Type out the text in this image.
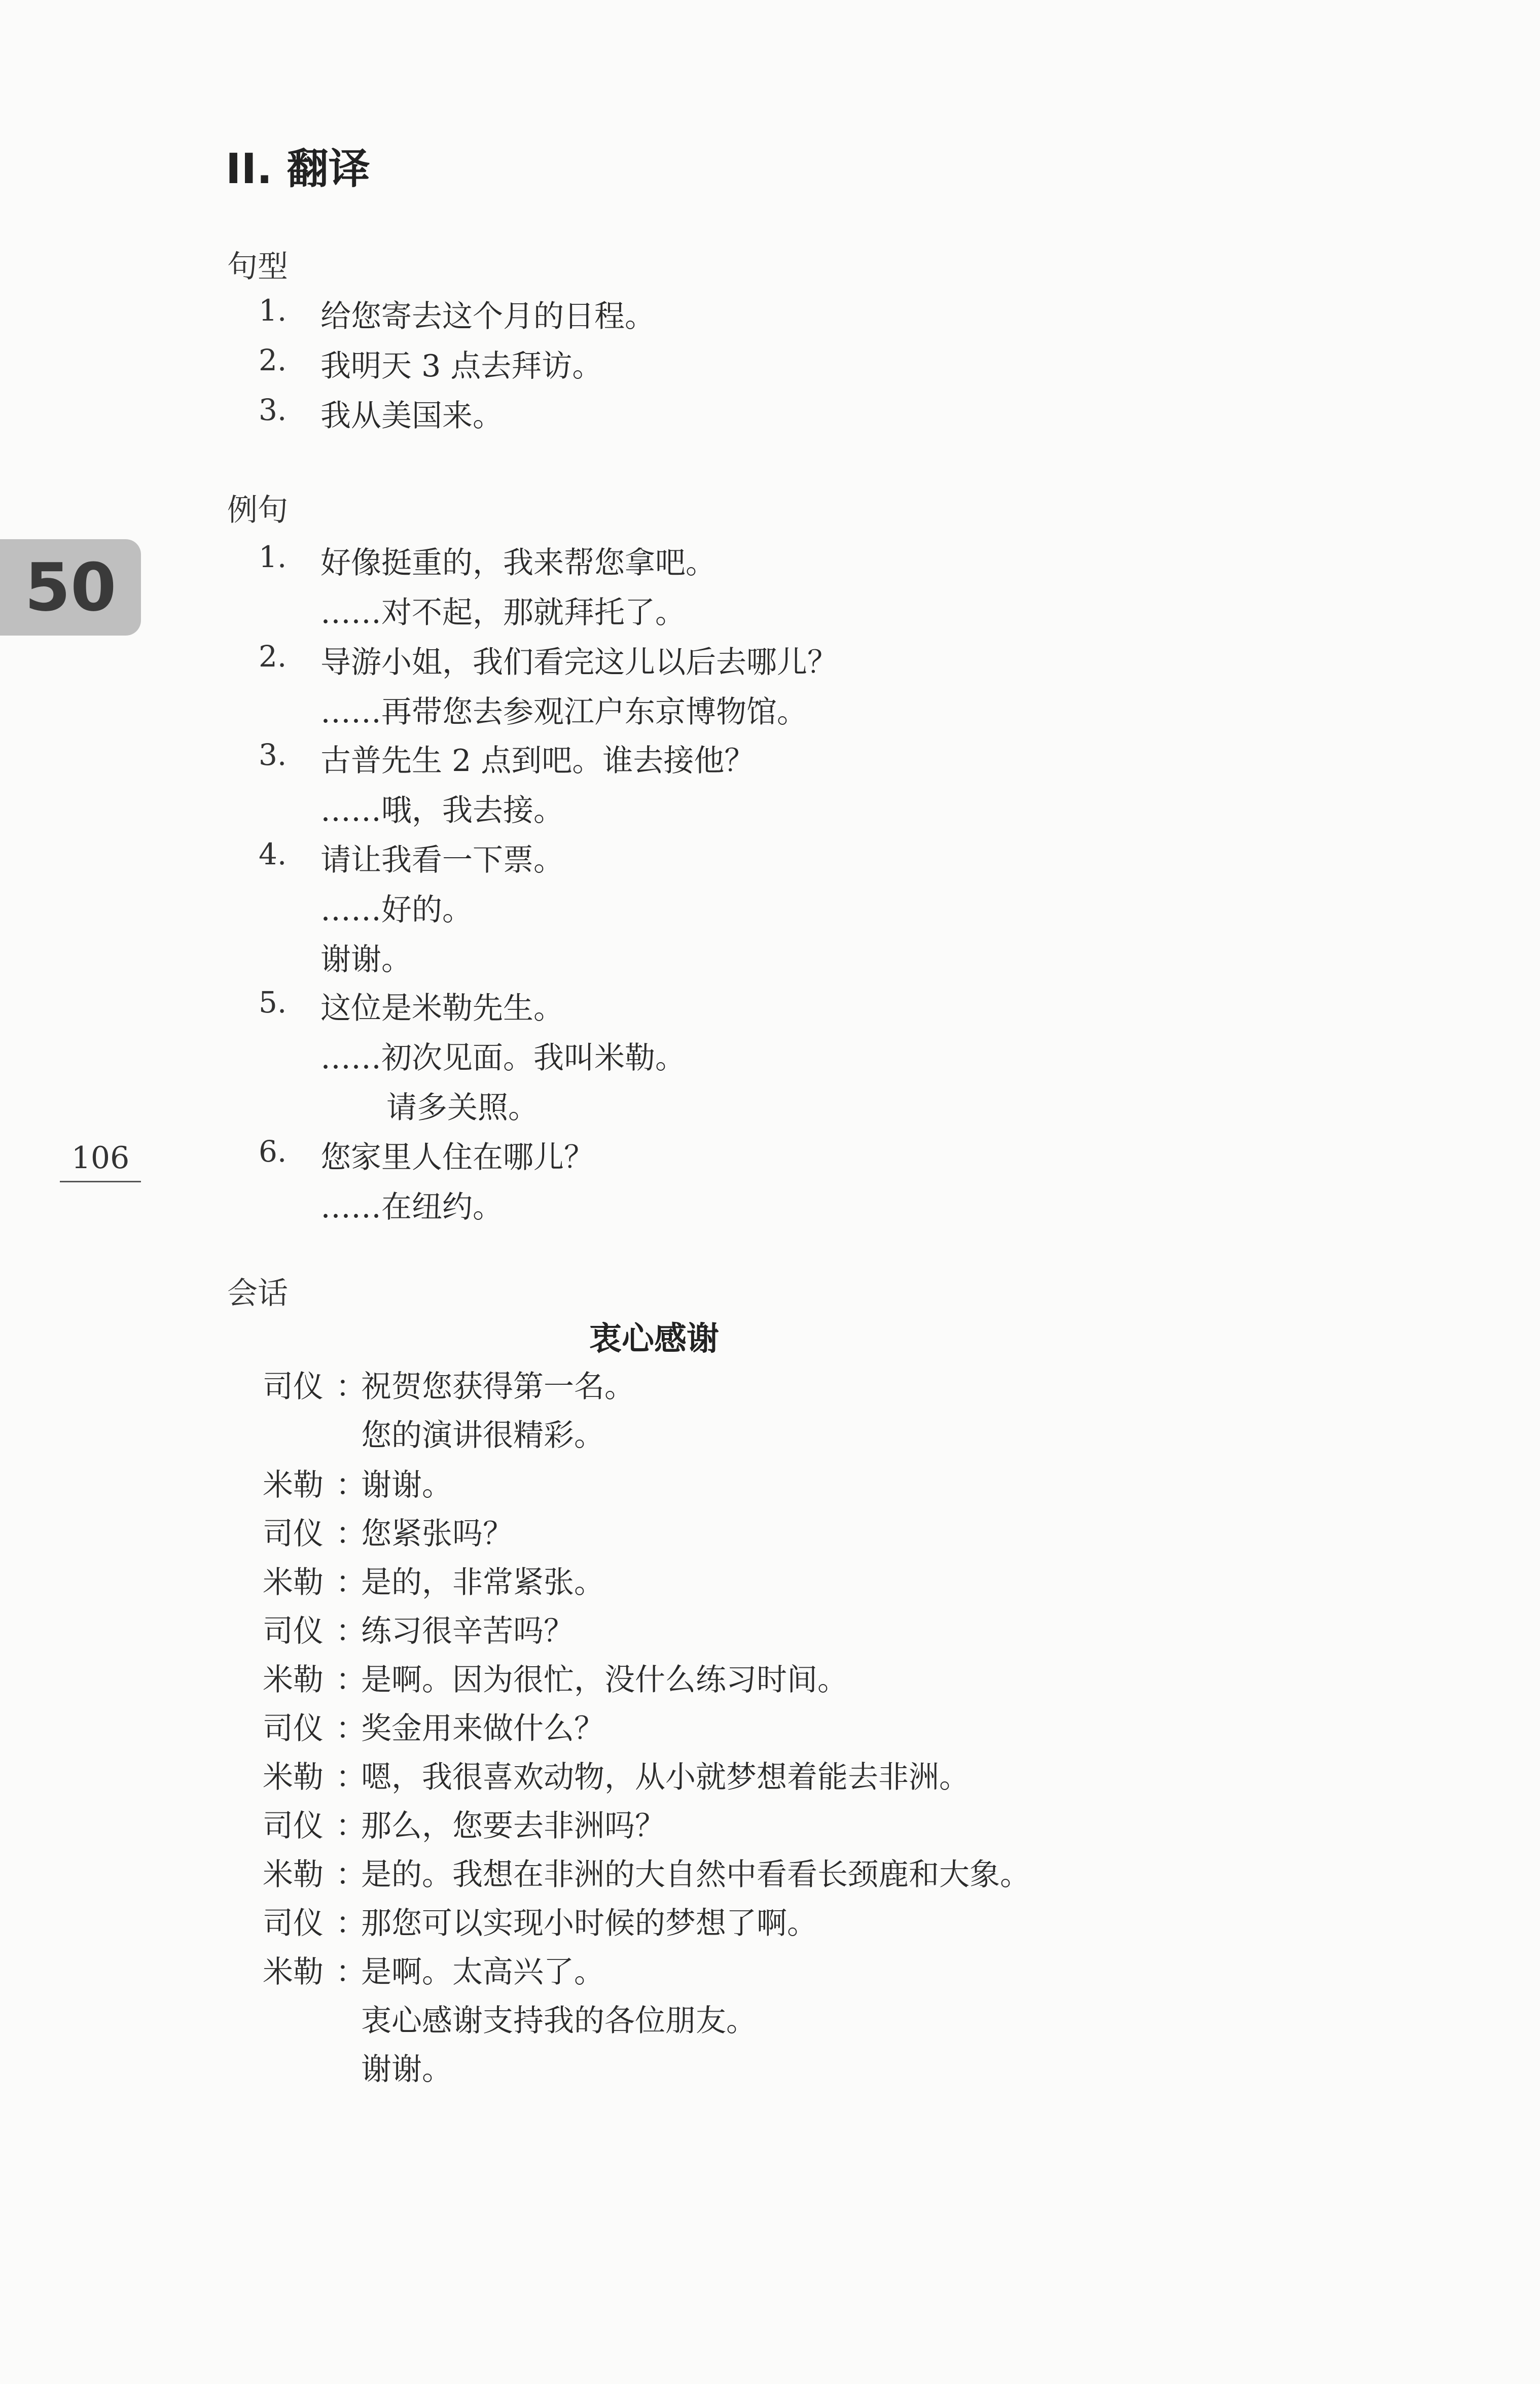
50
106
II. 翻译
句型
1. 给您寄去这个月的日程。
2. 我明天 3 点去拜访。
3. 我从美国来。
例句
1. 好像挺重的，我来帮您拿吧。
……对不起，那就拜托了。
2. 导游小姐，我们看完这儿以后去哪儿？
……再带您去参观江户东京博物馆。
3. 古普先生 2 点到吧。谁去接他？
……哦，我去接。
4. 请让我看一下票。
……好的。
谢谢。
5. 这位是米勒先生。
……初次见面。我叫米勒。
请多关照。
6. 您家里人住在哪儿？
……在纽约。
会话
衷心感谢
司仪 ：
祝贺您获得第一名。
您的演讲很精彩。
米勒 ：
谢谢。
司仪 ：
您紧张吗？
米勒 ：
是的，非常紧张。
司仪 ：
练习很辛苦吗？
米勒 ：
是啊。因为很忙，没什么练习时间。
司仪 ：
奖金用来做什么？
米勒 ：
嗯，我很喜欢动物，从小就梦想着能去非洲。
司仪 ：
那么，您要去非洲吗？
米勒 ：
是的。我想在非洲的大自然中看看长颈鹿和大象。
司仪 ：
那您可以实现小时候的梦想了啊。
米勒 ：
是啊。太高兴了。
衷心感谢支持我的各位朋友。
谢谢。
